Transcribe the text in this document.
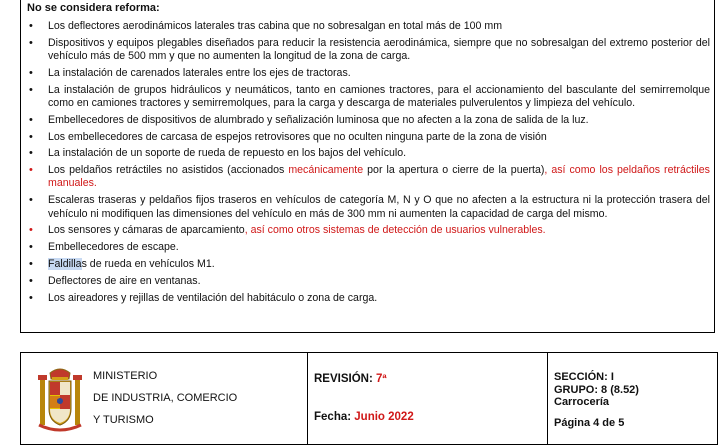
No se considera reforma:
• Los deflectores aerodinámicos laterales tras cabina que no sobresalgan en total más de 100 mm
• Dispositivos y equipos plegables diseñados para reducir la resistencia aerodinámica, siempre que no sobresalgan del extremo posterior del vehículo más de 500 mm y que no aumenten la longitud de la zona de carga.
• La instalación de carenados laterales entre los ejes de tractoras.
• La instalación de grupos hidráulicos y neumáticos, tanto en camiones tractores, para el accionamiento del basculante del semirremolque como en camiones tractores y semirremolques, para la carga y descarga de materiales pulverulentos y limpieza del vehículo.
• Embellecedores de dispositivos de alumbrado y señalización luminosa que no afecten a la zona de salida de la luz.
• Los embellecedores de carcasa de espejos retrovisores que no oculten ninguna parte de la zona de visión
• La instalación de un soporte de rueda de repuesto en los bajos del vehículo.
• Los peldaños retráctiles no asistidos (accionados mecánicamente por la apertura o cierre de la puerta), así como los peldaños retráctiles manuales.
• Escaleras traseras y peldaños fijos traseros en vehículos de categoría M, N y O que no afecten a la estructura ni la protección trasera del vehículo ni modifiquen las dimensiones del vehículo en más de 300 mm ni aumenten la capacidad de carga del mismo.
• Los sensores y cámaras de aparcamiento, así como otros sistemas de detección de usuarios vulnerables.
• Embellecedores de escape.
• Faldillas de rueda en vehículos M1.
• Deflectores de aire en ventanas.
• Los aireadores y rejillas de ventilación del habitáculo o zona de carga.
MINISTERIO
DE INDUSTRIA, COMERCIO
Y TURISMO
REVISIÓN: 7ª
Fecha: Junio 2022
SECCIÓN: I
GRUPO: 8 (8.52)
Carrocería
Página 4 de 5
